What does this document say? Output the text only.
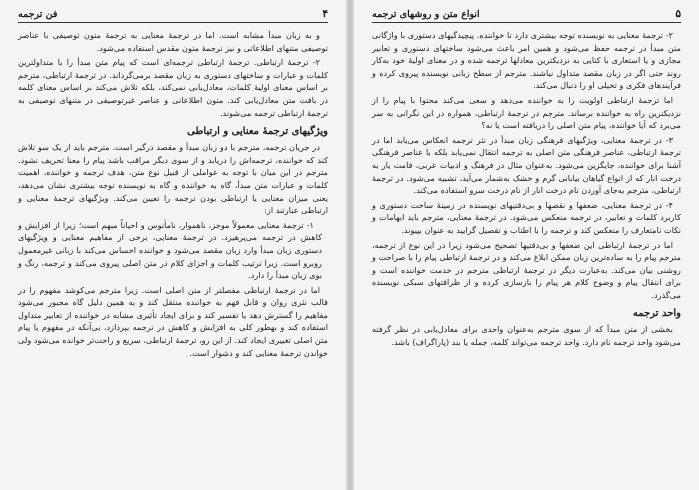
۴
فن ترجمه

و به زبان مبدأ مشابه است. اما در ترجمهٔ معنایی به ترجمهٔ متون توصیفی با عناصر توصیفی متنهای اطلاعاتی و نیز ترجمهٔ متون مقدس استفاده می‌شود.

۲- ترجمهٔ ارتباطی. ترجمهٔ ارتباطی ترجمه‌ای است که پیام متن مبدأ را با متداولترین کلمات و عبارات و ساختهای دستوری به زبان مقصد برمی‌گرداند. در ترجمهٔ ارتباطی، مترجم بر اساس معنای اولیهٔ کلمات، معادل‌یابی نمی‌کند، بلکه تلاش می‌کند بر اساس معنای کلمه در بافت متن معادل‌یابی کند. متون اطلاعاتی و عناصر غیرتوصیفی در متنهای توصیفی به ترجمهٔ ارتباطی ترجمه می‌شوند.

ویژگیهای ترجمهٔ معنایی و ارتباطی

در جریان ترجمه، مترجم با دو زبان مبدأ و مقصد درگیر است. مترجم باید از یک سو تلاش کند که خواننده، ترجمه‌اش را دریابد و از سوی دیگر مراقب باشد پیام را معنا تحریف نشود. مترجم در این میان با توجه به عواملی از قبیل نوع متن، هدف ترجمه و خواننده، اهمیت کلمات و عبارات متن مبدأ، گاه به خواننده و گاه به نویسنده توجه بیشتری نشان می‌دهد، یعنی میزان معنایی یا ارتباطی بودن ترجمه را تعیین می‌کند. ویژگیهای ترجمهٔ معنایی و ارتباطی عبارتند از:

۱- ترجمهٔ معنایی معمولاً موجز، ناهموار، نامأنوس و احیاناً مبهم است؛ زیرا از افزایش و کاهش در ترجمه می‌پرهیزد. در ترجمهٔ معنایی، برخی از مفاهیم معنایی و ویژگیهای دستوری زبان مبدأ وارد زبان مقصد می‌شود و خواننده احساس می‌کند با زبانی غیرمعمول روبرو است. زیرا ترتیب کلمات و اجزای کلام در متن اصلی پیروی می‌کند و ترجمه، رنگ و بوی زبان مبدأ را دارد.

اما در ترجمهٔ ارتباطی مفصلتر از متن اصلی است. زیرا مترجم می‌کوشد مفهوم را در قالب نثری روان و قابل فهم به خواننده منتقل کند و به همین دلیل گاه مجبور می‌شود مفاهیم را گسترش دهد یا تفسیر کند و برای ایجاد تأثیری مشابه در خواننده از تعابیر متداول استفاده کند و بهطور کلی به افزایش و کاهش در ترجمه بپردازد، بی‌آنکه در مفهوم یا پیام متن اصلی تغییری ایجاد کند. از این رو، ترجمهٔ ارتباطی، سریع و راحت‌تر خوانده می‌شود ولی خواندن ترجمهٔ معنایی کند و دشوار است.

۵
انواع متن و روشهای ترجمه

۲- ترجمهٔ معنایی به نویسنده توجه بیشتری دارد تا خواننده. پیچیدگیهای دستوری با واژگانی متن مبدأ در ترجمه حفظ می‌شود و همین امر باعث می‌شود ساختهای دستوری و تعابیر مجازی و یا استعاری با کنایی به نزدیکترین معادلها ترجمه شده و در معنای اولیهٔ خود به‌کار روند حتی اگر در زبان مقصد متداول نباشند. مترجم از سطح زبانی نویسنده پیروی کرده و فرآیندهای فکری و تخیلی او را دنبال می‌کند.

اما ترجمهٔ ارتباطی اولویت را به خواننده می‌دهد و سعی می‌کند محتوا با پیام را از نزدیکترین راه به خواننده برساند. مترجم در ترجمهٔ ارتباطی، همواره در این نگرانی به سر می‌برد که آیا خواننده، پیام متن اصلی را دریافته است یا نه؟

۳- در ترجمهٔ معنایی، ویژگیهای فرهنگی زبان مبدأ در نثر ترجمه انعکاس می‌یابد اما در ترجمهٔ ارتباطی، عناصر فرهنگی متن اصلی به ترجمه انتقال نمی‌یابد بلکه با عناصر فرهنگی آشنا برای خواننده، جایگزین می‌شود. به‌عنوان مثال در فرهنگ و ادبیات عربی، قامت یار به درخت انار که از انواع گیاهان بیابانی گرم و خشک به‌شمار می‌آید، تشبیه می‌شود. در ترجمهٔ ارتباطی، مترجم به‌جای آوردن نام درخت انار از نام درخت سرو استفاده می‌کند.

۴- در ترجمهٔ معنایی، ضعفها و نقصها و بی‌دقتیهای نویسنده در زمینهٔ ساخت دستوری و کاربرد کلمات و تعابیر، در ترجمه منعکس می‌شود. در ترجمهٔ معنایی، مترجم باید ابهامات و نکات نامتعارف را منعکس کند و ترجمه را با اطناب و تفصیل گرایید به عنوان بپیوند.

اما در ترجمهٔ ارتباطی این ضعفها و بی‌دقتیها تصحیح می‌شود زیرا در این نوع از ترجمه، مترجم پیام را به ساده‌ترین زبان ممکن ابلاغ می‌کند و در ترجمهٔ ارتباطی پیام را با صراحت و روشنی بیان می‌کند. به‌عبارت دیگر در ترجمهٔ ارتباطی مترجم در خدمت خواننده است و برای انتقال پیام و وضوح کلام هر پیام را بازسازی کرده و از ظرافتهای سبکی نویسنده می‌گذرد.

واحد ترجمه

بخشی از متن مبدأ که از سوی مترجم به‌عنوان واحدی برای معادل‌یابی در نظر گرفته می‌شود واحد ترجمه نام دارد. واحد ترجمه می‌تواند کلمه، جمله یا بند (پاراگراف) باشد.
